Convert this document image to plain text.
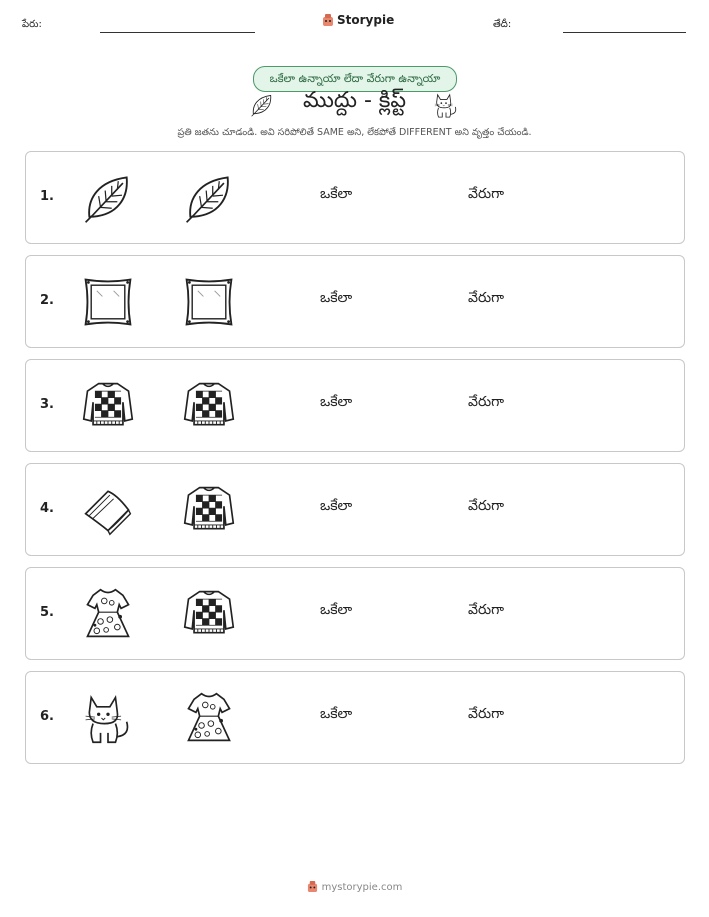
పేరు:	Storypie	తేదీ:
ఒకేలా ఉన్నాయా లేదా వేరుగా ఉన్నాయా
ముద్దు - క్లిప్ట్
ప్రతి జతను చూడండి. అవి సరిపోలితే SAME అని, లేకపోతే DIFFERENT అని వృత్తం చేయండి.
1.	ఒకేలా	వేరుగా
2.	ఒకేలా	వేరుగా
3.	ఒకేలా	వేరుగా
4.	ఒకేలా	వేరుగా
5.	ఒకేలా	వేరుగా
6.	ఒకేలా	వేరుగా
mystorypie.com
